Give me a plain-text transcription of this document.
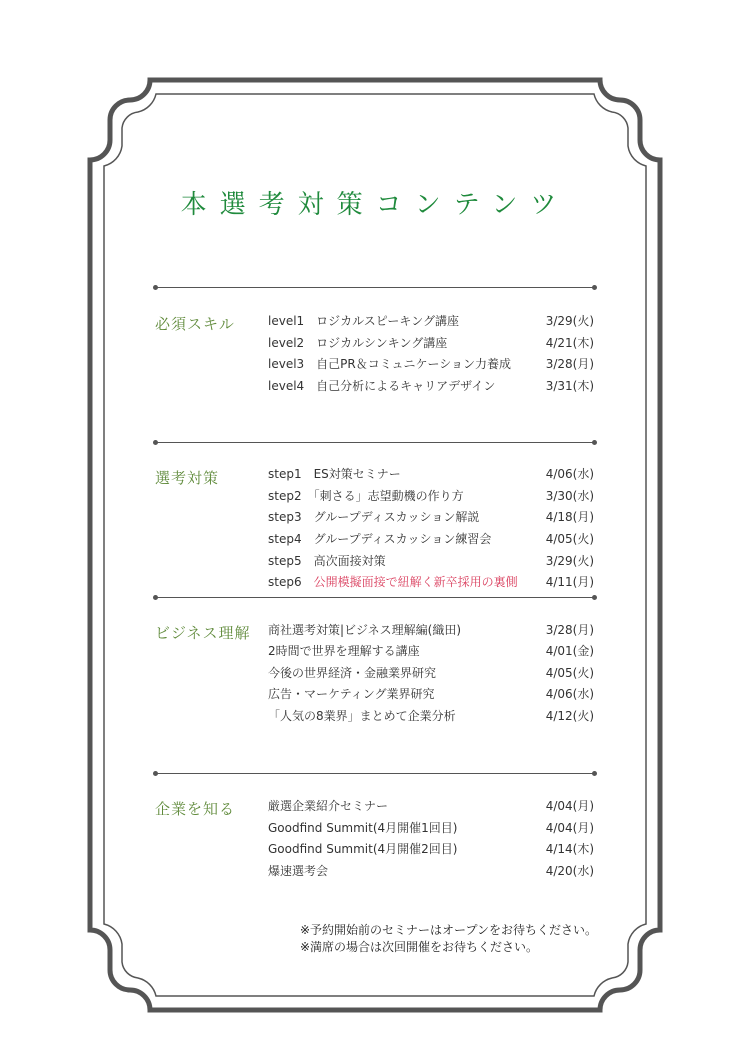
本選考対策コンテンツ
必須スキル	level1　ロジカルスピーキング講座	3/29(火)
level2　ロジカルシンキング講座	4/21(木)
level3　自己PR＆コミュニケーション力養成	3/28(月)
level4　自己分析によるキャリアデザイン	3/31(木)
選考対策	step1　ES対策セミナー	4/06(水)
step2　「刺さる」志望動機の作り方	3/30(水)
step3　グループディスカッション解説	4/18(月)
step4　グループディスカッション練習会	4/05(火)
step5　高次面接対策	3/29(火)
step6　公開模擬面接で紐解く新卒採用の裏側 4/11(月)
ビジネス理解 商社選考対策|ビジネス理解編(織田)	3/28(月)
2時間で世界を理解する講座	4/01(金)
今後の世界経済・金融業界研究	4/05(火)
広告・マーケティング業界研究	4/06(水)
「人気の8業界」まとめて企業分析	4/12(火)
企業を知る	厳選企業紹介セミナー	4/04(月)
Goodfind Summit(4月開催1回目)	4/04(月)
Goodfind Summit(4月開催2回目)	4/14(木)
爆速選考会	4/20(水)
※予約開始前のセミナーはオープンをお待ちください。
※満席の場合は次回開催をお待ちください。
